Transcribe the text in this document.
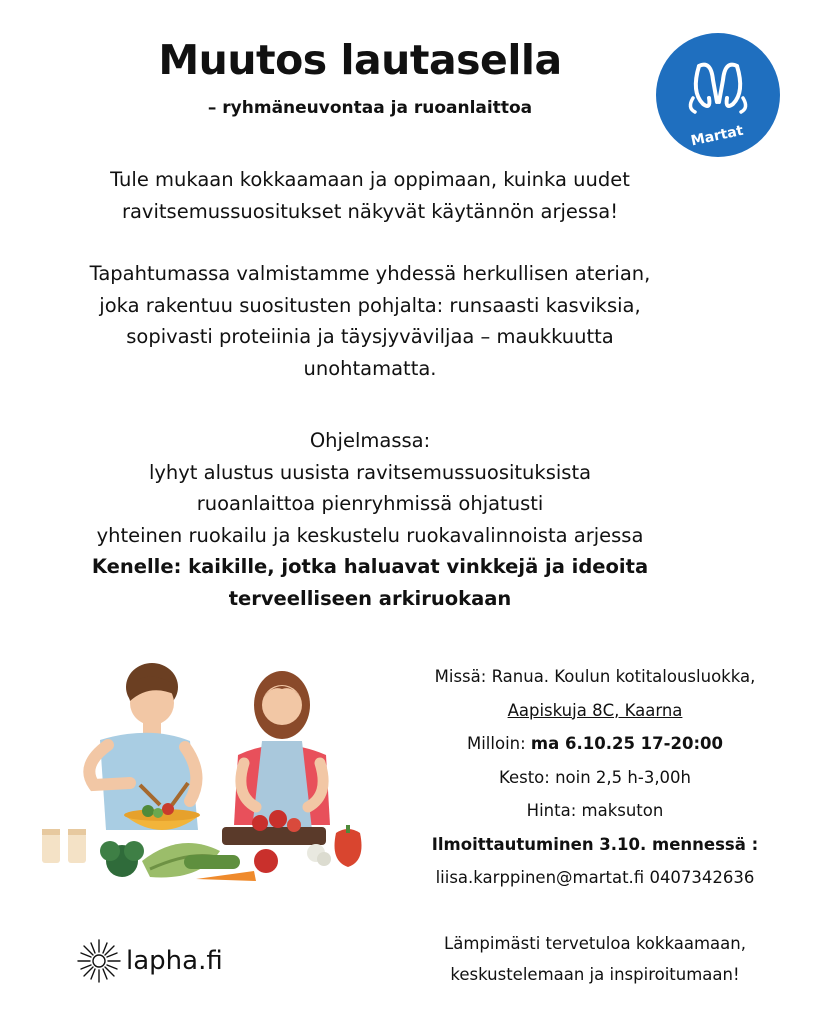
Muutos lautasella
– ryhmäneuvontaa ja ruoanlaittoa
Martat

Tule mukaan kokkaamaan ja oppimaan, kuinka uudet

ravitsemussuositukset näkyvät käytännön arjessa!

Tapahtumassa valmistamme yhdessä herkullisen aterian,

joka rakentuu suositusten pohjalta: runsaasti kasviksia,

sopivasti proteiinia ja täysjyväviljaa – maukkuutta

unohtamatta.

Ohjelmassa:

lyhyt alustus uusista ravitsemussuosituksista

ruoanlaittoa pienryhmissä ohjatusti

yhteinen ruokailu ja keskustelu ruokavalinnoista arjessa

Kenelle: kaikille, jotka haluavat vinkkejä ja ideoita

terveelliseen arkiruokaan

Missä: Ranua. Koulun kotitalousluokka,

Aapiskuja 8C, Kaarna

Milloin: ma 6.10.25 17-20:00

Kesto: noin 2,5 h-3,00h

Hinta: maksuton

Ilmoittautuminen 3.10. mennessä :

liisa.karppinen@martat.fi 0407342636

Lämpimästi tervetuloa kokkaamaan,

keskustelemaan ja inspiroitumaan!

lapha.fi
